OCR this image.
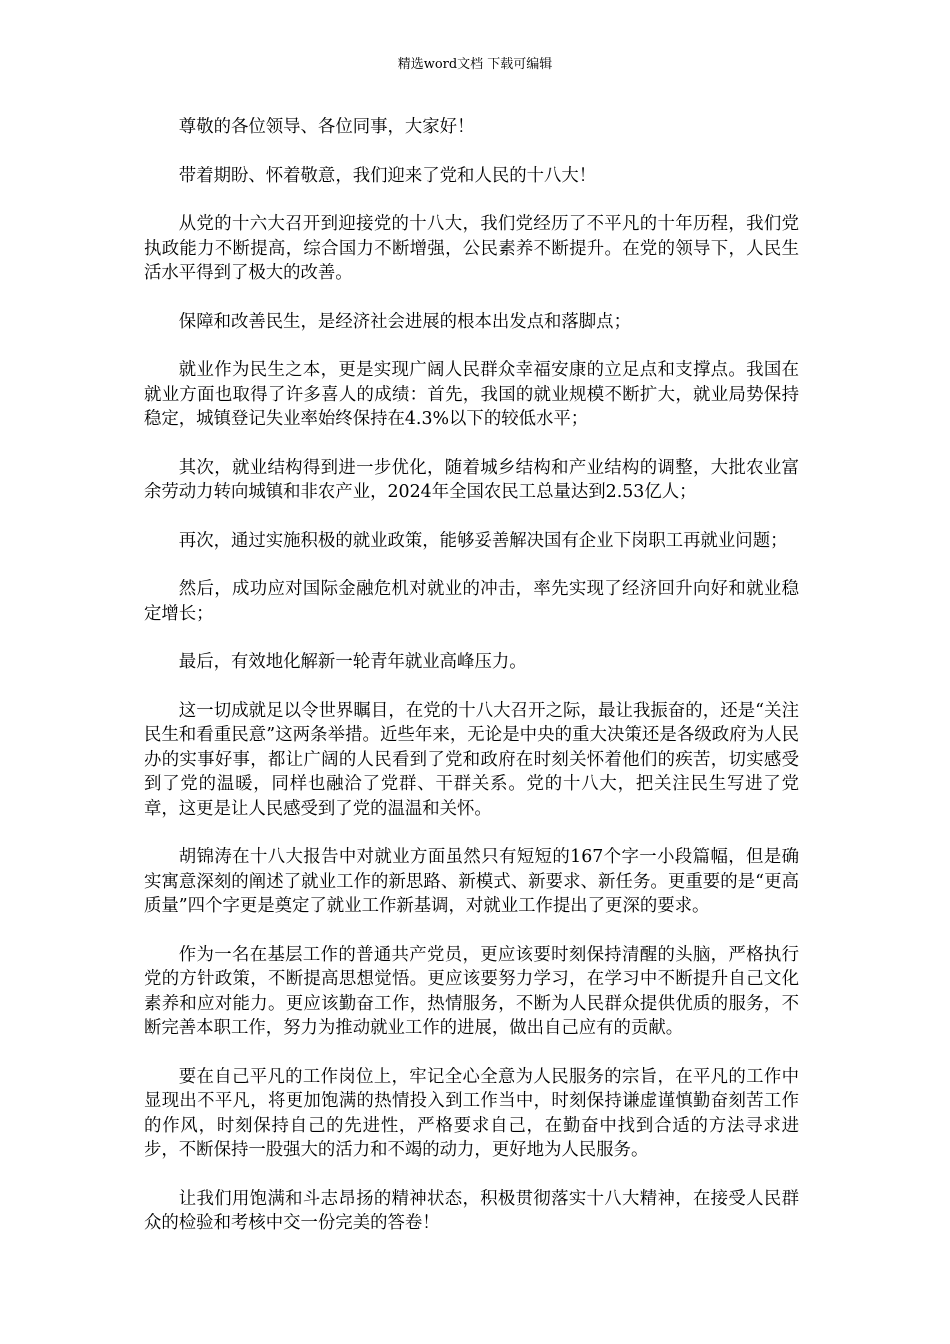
精选word文档 下载可编辑

尊敬的各位领导、各位同事，大家好！

带着期盼、怀着敬意，我们迎来了党和人民的十八大！

从党的十六大召开到迎接党的十八大，我们党经历了不平凡的十年历程，我们党执政能力不断提高，综合国力不断增强，公民素养不断提升。在党的领导下，人民生活水平得到了极大的改善。

保障和改善民生，是经济社会进展的根本出发点和落脚点；

就业作为民生之本，更是实现广阔人民群众幸福安康的立足点和支撑点。我国在就业方面也取得了许多喜人的成绩：首先，我国的就业规模不断扩大，就业局势保持稳定，城镇登记失业率始终保持在4.3%以下的较低水平；

其次，就业结构得到进一步优化，随着城乡结构和产业结构的调整，大批农业富余劳动力转向城镇和非农产业，2024年全国农民工总量达到2.53亿人；

再次，通过实施积极的就业政策，能够妥善解决国有企业下岗职工再就业问题；

然后，成功应对国际金融危机对就业的冲击，率先实现了经济回升向好和就业稳定增长；

最后，有效地化解新一轮青年就业高峰压力。

这一切成就足以令世界瞩目，在党的十八大召开之际，最让我振奋的，还是“关注民生和看重民意”这两条举措。近些年来，无论是中央的重大决策还是各级政府为人民办的实事好事，都让广阔的人民看到了党和政府在时刻关怀着他们的疾苦，切实感受到了党的温暖，同样也融洽了党群、干群关系。党的十八大，把关注民生写进了党章，这更是让人民感受到了党的温温和关怀。

胡锦涛在十八大报告中对就业方面虽然只有短短的167个字一小段篇幅，但是确实寓意深刻的阐述了就业工作的新思路、新模式、新要求、新任务。更重要的是“更高质量”四个字更是奠定了就业工作新基调，对就业工作提出了更深的要求。

作为一名在基层工作的普通共产党员，更应该要时刻保持清醒的头脑，严格执行党的方针政策，不断提高思想觉悟。更应该要努力学习，在学习中不断提升自己文化素养和应对能力。更应该勤奋工作，热情服务，不断为人民群众提供优质的服务，不断完善本职工作，努力为推动就业工作的进展，做出自己应有的贡献。

要在自己平凡的工作岗位上，牢记全心全意为人民服务的宗旨，在平凡的工作中显现出不平凡，将更加饱满的热情投入到工作当中，时刻保持谦虚谨慎勤奋刻苦工作的作风，时刻保持自己的先进性，严格要求自己，在勤奋中找到合适的方法寻求进步，不断保持一股强大的活力和不竭的动力，更好地为人民服务。

让我们用饱满和斗志昂扬的精神状态，积极贯彻落实十八大精神，在接受人民群众的检验和考核中交一份完美的答卷！
